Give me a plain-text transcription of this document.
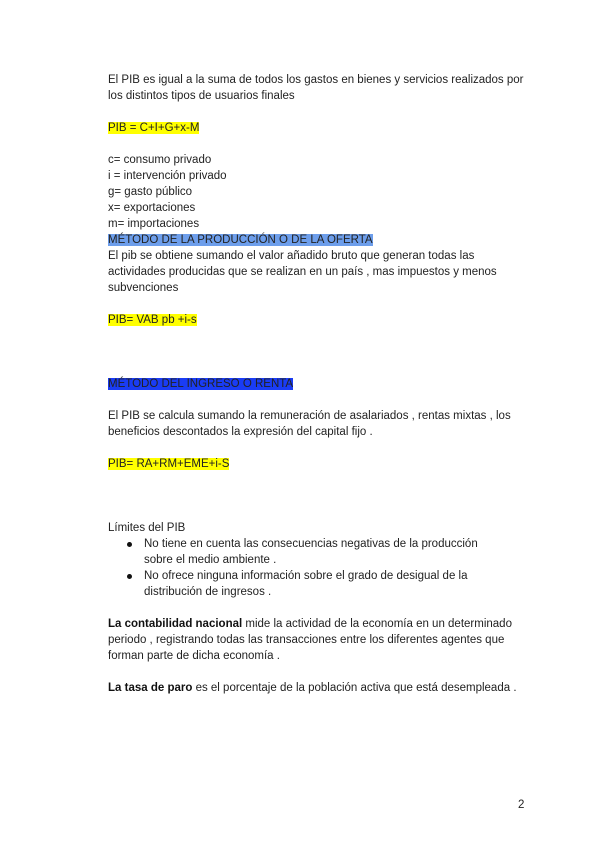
El PIB es igual a la suma de todos los gastos en bienes y servicios realizados por los distintos tipos de usuarios finales

PIB = C+I+G+x-M

c= consumo privado
i = intervención privado
g= gasto público
x= exportaciones
m= importaciones

MÉTODO DE LA PRODUCCIÓN O DE LA OFERTA

El pib se obtiene sumando el valor añadido bruto que generan todas las actividades producidas que se realizan en un país , mas impuestos y menos subvenciones

PIB= VAB pb +i-s

MÉTODO DEL INGRESO O RENTA

El PIB se calcula sumando la remuneración de asalariados , rentas mixtas , los beneficios descontados la expresión del capital fijo .

PIB= RA+RM+EME+i-S

Límites del PIB

No tiene en cuenta las consecuencias negativas de la producción sobre el medio ambiente .
No ofrece ninguna información sobre el grado de desigual de la distribución de ingresos .

La contabilidad nacional mide la actividad de la economía en un determinado periodo , registrando todas las transacciones entre los diferentes agentes que forman parte de dicha economía .

La tasa de paro es el porcentaje de la población activa que está desempleada .

2
